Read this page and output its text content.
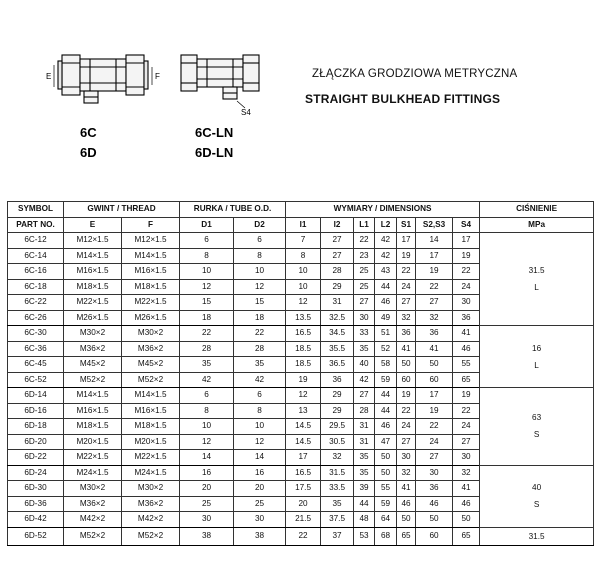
E	F
6C
6D
S4
6C-LN
6D-LN
ZŁĄCZKA GRODZIOWA METRYCZNA
STRAIGHT BULKHEAD FITTINGS
SYMBOL	GWINT / THREAD		RURKA / TUBE O.D.		WYMIARY / DIMENSIONS							CIŚNIENIE
PART NO.	E	F	D1	D2	I1	I2	L1	L2	S1	S2,S3	S4	MPa
6C-12	M12×1.5	M12×1.5	6	6	7	27	22	42	17	14	17	31.5
L

6C-14	M14×1.5	M14×1.5	8	8	8	27	23	42	19	17	19	
6C-16	M16×1.5	M16×1.5	10	10	10	28	25	43	22	19	22	
6C-18	M18×1.5	M18×1.5	12	12	10	29	25	44	24	22	24	
6C-22	M22×1.5	M22×1.5	15	15	12	31	27	46	27	27	30	
6C-26	M26×1.5	M26×1.5	18	18	13.5	32.5	30	49	32	32	36	
6C-30	M30×2	M30×2	22	22	16.5	34.5	33	51	36	36	41	16
L

6C-36	M36×2	M36×2	28	28	18.5	35.5	35	52	41	41	46	
6C-45	M45×2	M45×2	35	35	18.5	36.5	40	58	50	50	55	
6C-52	M52×2	M52×2	42	42	19	36	42	59	60	60	65	
6D-14	M14×1.5	M14×1.5	6	6	12	29	27	44	19	17	19	63
S

6D-16	M16×1.5	M16×1.5	8	8	13	29	28	44	22	19	22	
6D-18	M18×1.5	M18×1.5	10	10	14.5	29.5	31	46	24	22	24	
6D-20	M20×1.5	M20×1.5	12	12	14.5	30.5	31	47	27	24	27	
6D-22	M22×1.5	M22×1.5	14	14	17	32	35	50	30	27	30	
6D-24	M24×1.5	M24×1.5	16	16	16.5	31.5	35	50	32	30	32	40
S

6D-30	M30×2	M30×2	20	20	17.5	33.5	39	55	41	36	41	
6D-36	M36×2	M36×2	25	25	20	35	44	59	46	46	46	
6D-42	M42×2	M42×2	30	30	21.5	37.5	48	64	50	50	50	
6D-52	M52×2	M52×2	38	38	22	37	53	68	65	60	65	31.5
